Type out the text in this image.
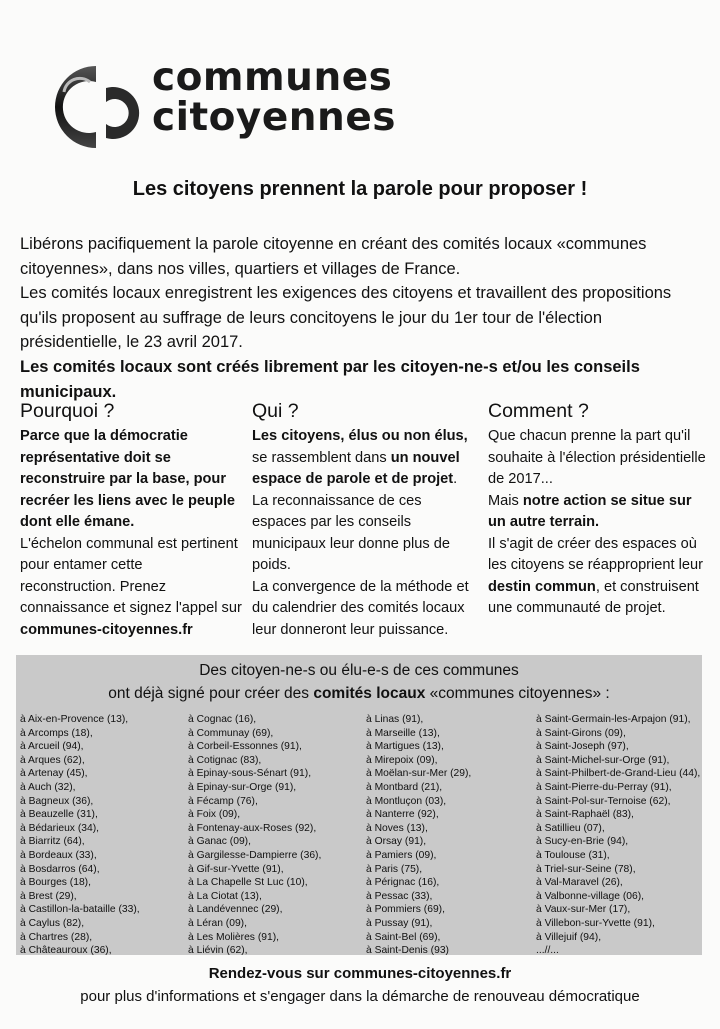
communes
citoyennes
Les citoyens prennent la parole pour proposer !

Libérons pacifiquement la parole citoyenne en créant des comités locaux «communes citoyennes», dans nos villes, quartiers et villages de France.

Les comités locaux enregistrent les exigences des citoyens et travaillent des propositions qu'ils proposent au suffrage de leurs concitoyens le jour du 1er tour de l'élection présidentielle, le 23 avril 2017.

Les comités locaux sont créés librement par les citoyen-ne-s et/ou les conseils municipaux.

Pourquoi ?

Parce que la démocratie représentative doit se reconstruire par la base, pour recréer les liens avec le peuple dont elle émane.

L'échelon communal est pertinent pour entamer cette reconstruction. Prenez connaissance et signez l'appel sur communes-citoyennes.fr

Qui ?

Les citoyens, élus ou non élus, se rassemblent dans un nouvel espace de parole et de projet.

La reconnaissance de ces espaces par les conseils municipaux leur donne plus de poids.

La convergence de la méthode et du calendrier des comités locaux leur donneront leur puissance.

Comment ?

Que chacun prenne la part qu'il souhaite à l'élection présidentielle de 2017...

Mais notre action se situe sur un autre terrain.

Il s'agit de créer des espaces où les citoyens se réapproprient leur destin commun, et construisent une communauté de projet.

Des citoyen-ne-s ou élu-e-s de ces communes
ont déjà signé pour créer des comités locaux «communes citoyennes» :
à Aix-en-Provence (13),
à Arcomps (18),
à Arcueil (94),
à Arques (62),
à Artenay (45),
à Auch (32),
à Bagneux (36),
à Beauzelle (31),
à Bédarieux (34),
à Biarritz (64),
à Bordeaux (33),
à Bosdarros (64),
à Bourges (18),
à Brest (29),
à Castillon-la-bataille (33),
à Caylus (82),
à Chartres (28),
à Châteauroux (36),
à Cognac (16),
à Communay (69),
à Corbeil-Essonnes (91),
à Cotignac (83),
à Epinay-sous-Sénart (91),
à Epinay-sur-Orge (91),
à Fécamp (76),
à Foix (09),
à Fontenay-aux-Roses (92),
à Ganac (09),
à Gargilesse-Dampierre (36),
à Gif-sur-Yvette (91),
à La Chapelle St Luc (10),
à La Ciotat (13),
à Landévennec (29),
à Léran (09),
à Les Molières (91),
à Liévin (62),
à Linas (91),
à Marseille (13),
à Martigues (13),
à Mirepoix (09),
à Moëlan-sur-Mer (29),
à Montbard (21),
à Montluçon (03),
à Nanterre (92),
à Noves (13),
à Orsay (91),
à Pamiers (09),
à Paris (75),
à Pérignac (16),
à Pessac (33),
à Pommiers (69),
à Pussay (91),
à Saint-Bel (69),
à Saint-Denis (93)
à Saint-Germain-les-Arpajon (91),
à Saint-Girons (09),
à Saint-Joseph (97),
à Saint-Michel-sur-Orge (91),
à Saint-Philbert-de-Grand-Lieu (44),
à Saint-Pierre-du-Perray (91),
à Saint-Pol-sur-Ternoise (62),
à Saint-Raphaël (83),
à Satillieu (07),
à Sucy-en-Brie (94),
à Toulouse (31),
à Triel-sur-Seine (78),
à Val-Maravel (26),
à Valbonne-village (06),
à Vaux-sur-Mer (17),
à Villebon-sur-Yvette (91),
à Villejuif (94),
...//...
Rendez-vous sur communes-citoyennes.fr
pour plus d'informations et s'engager dans la démarche de renouveau démocratique
